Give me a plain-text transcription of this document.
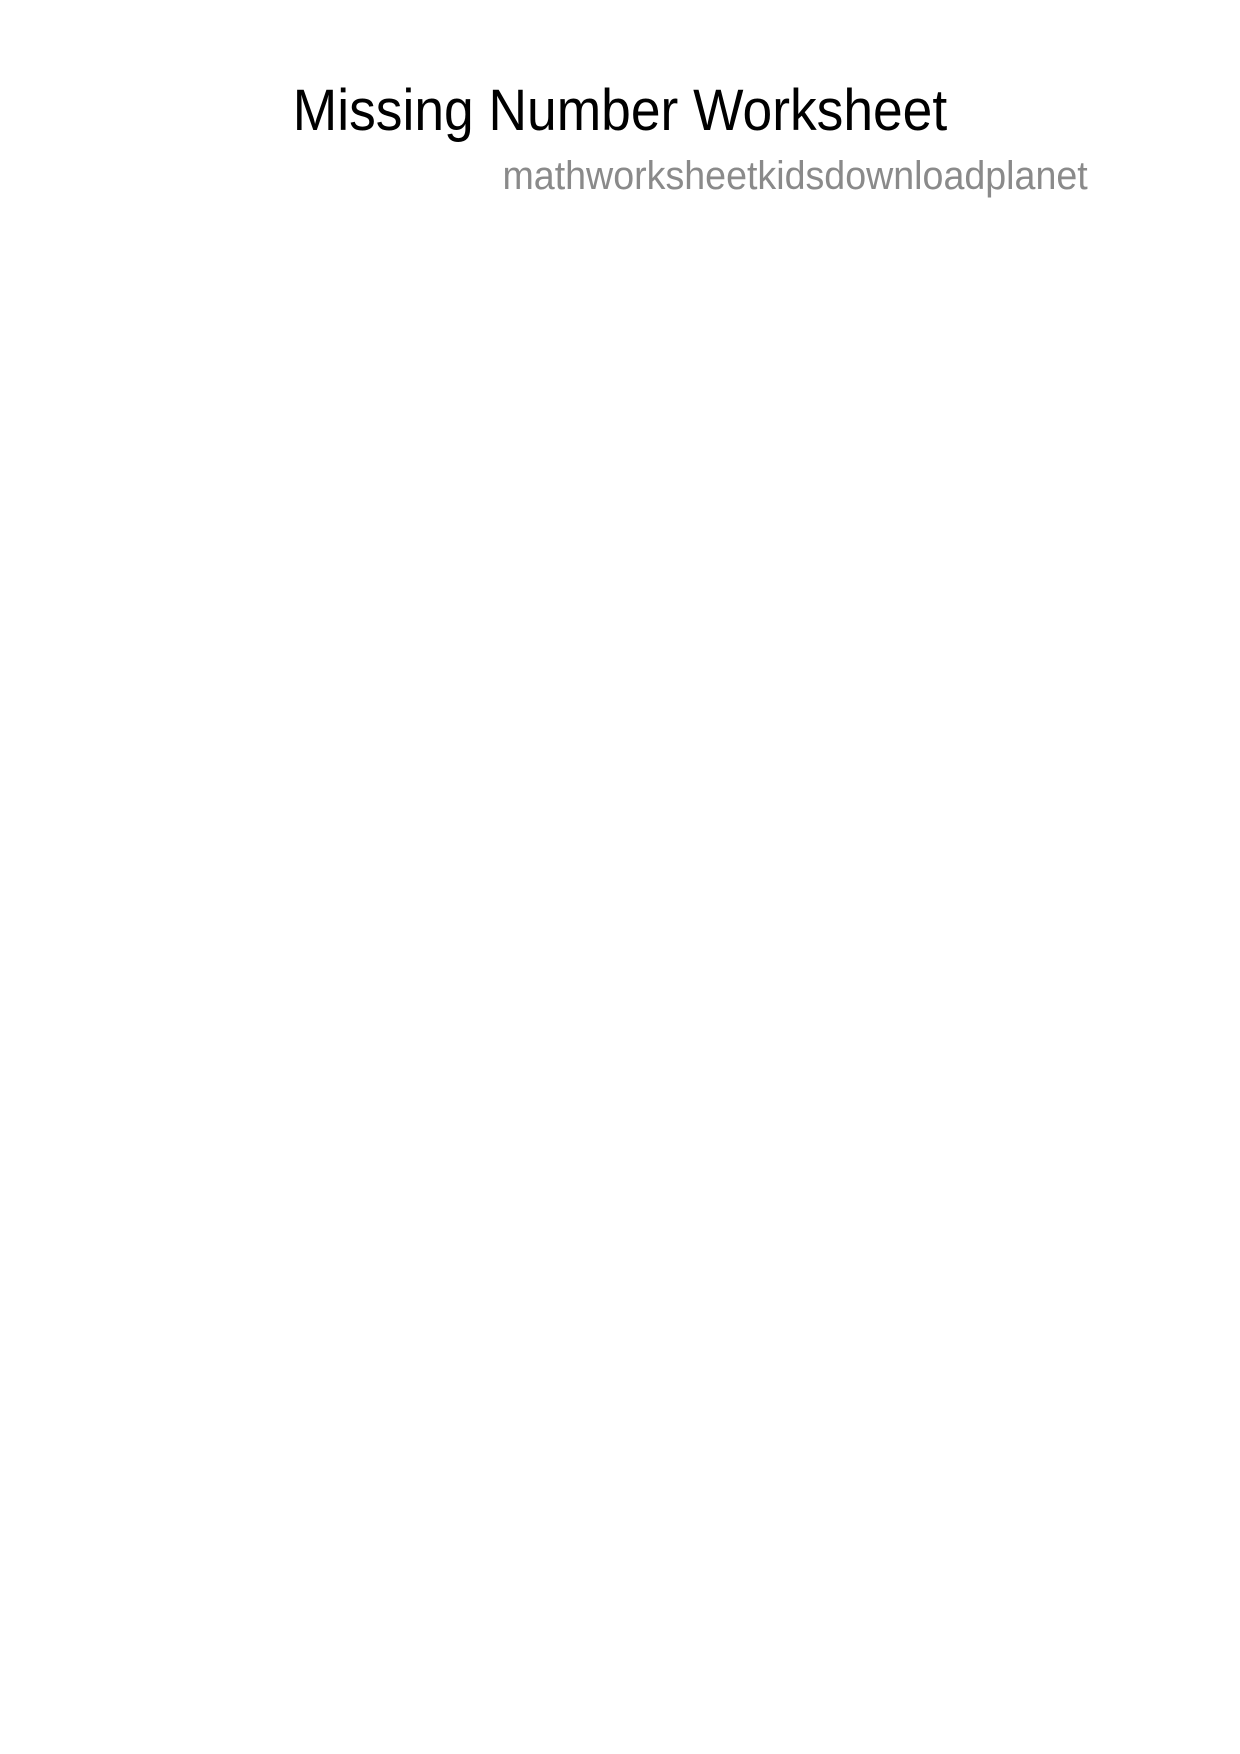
Missing Number Worksheet
mathworksheetkidsdownloadplanet
